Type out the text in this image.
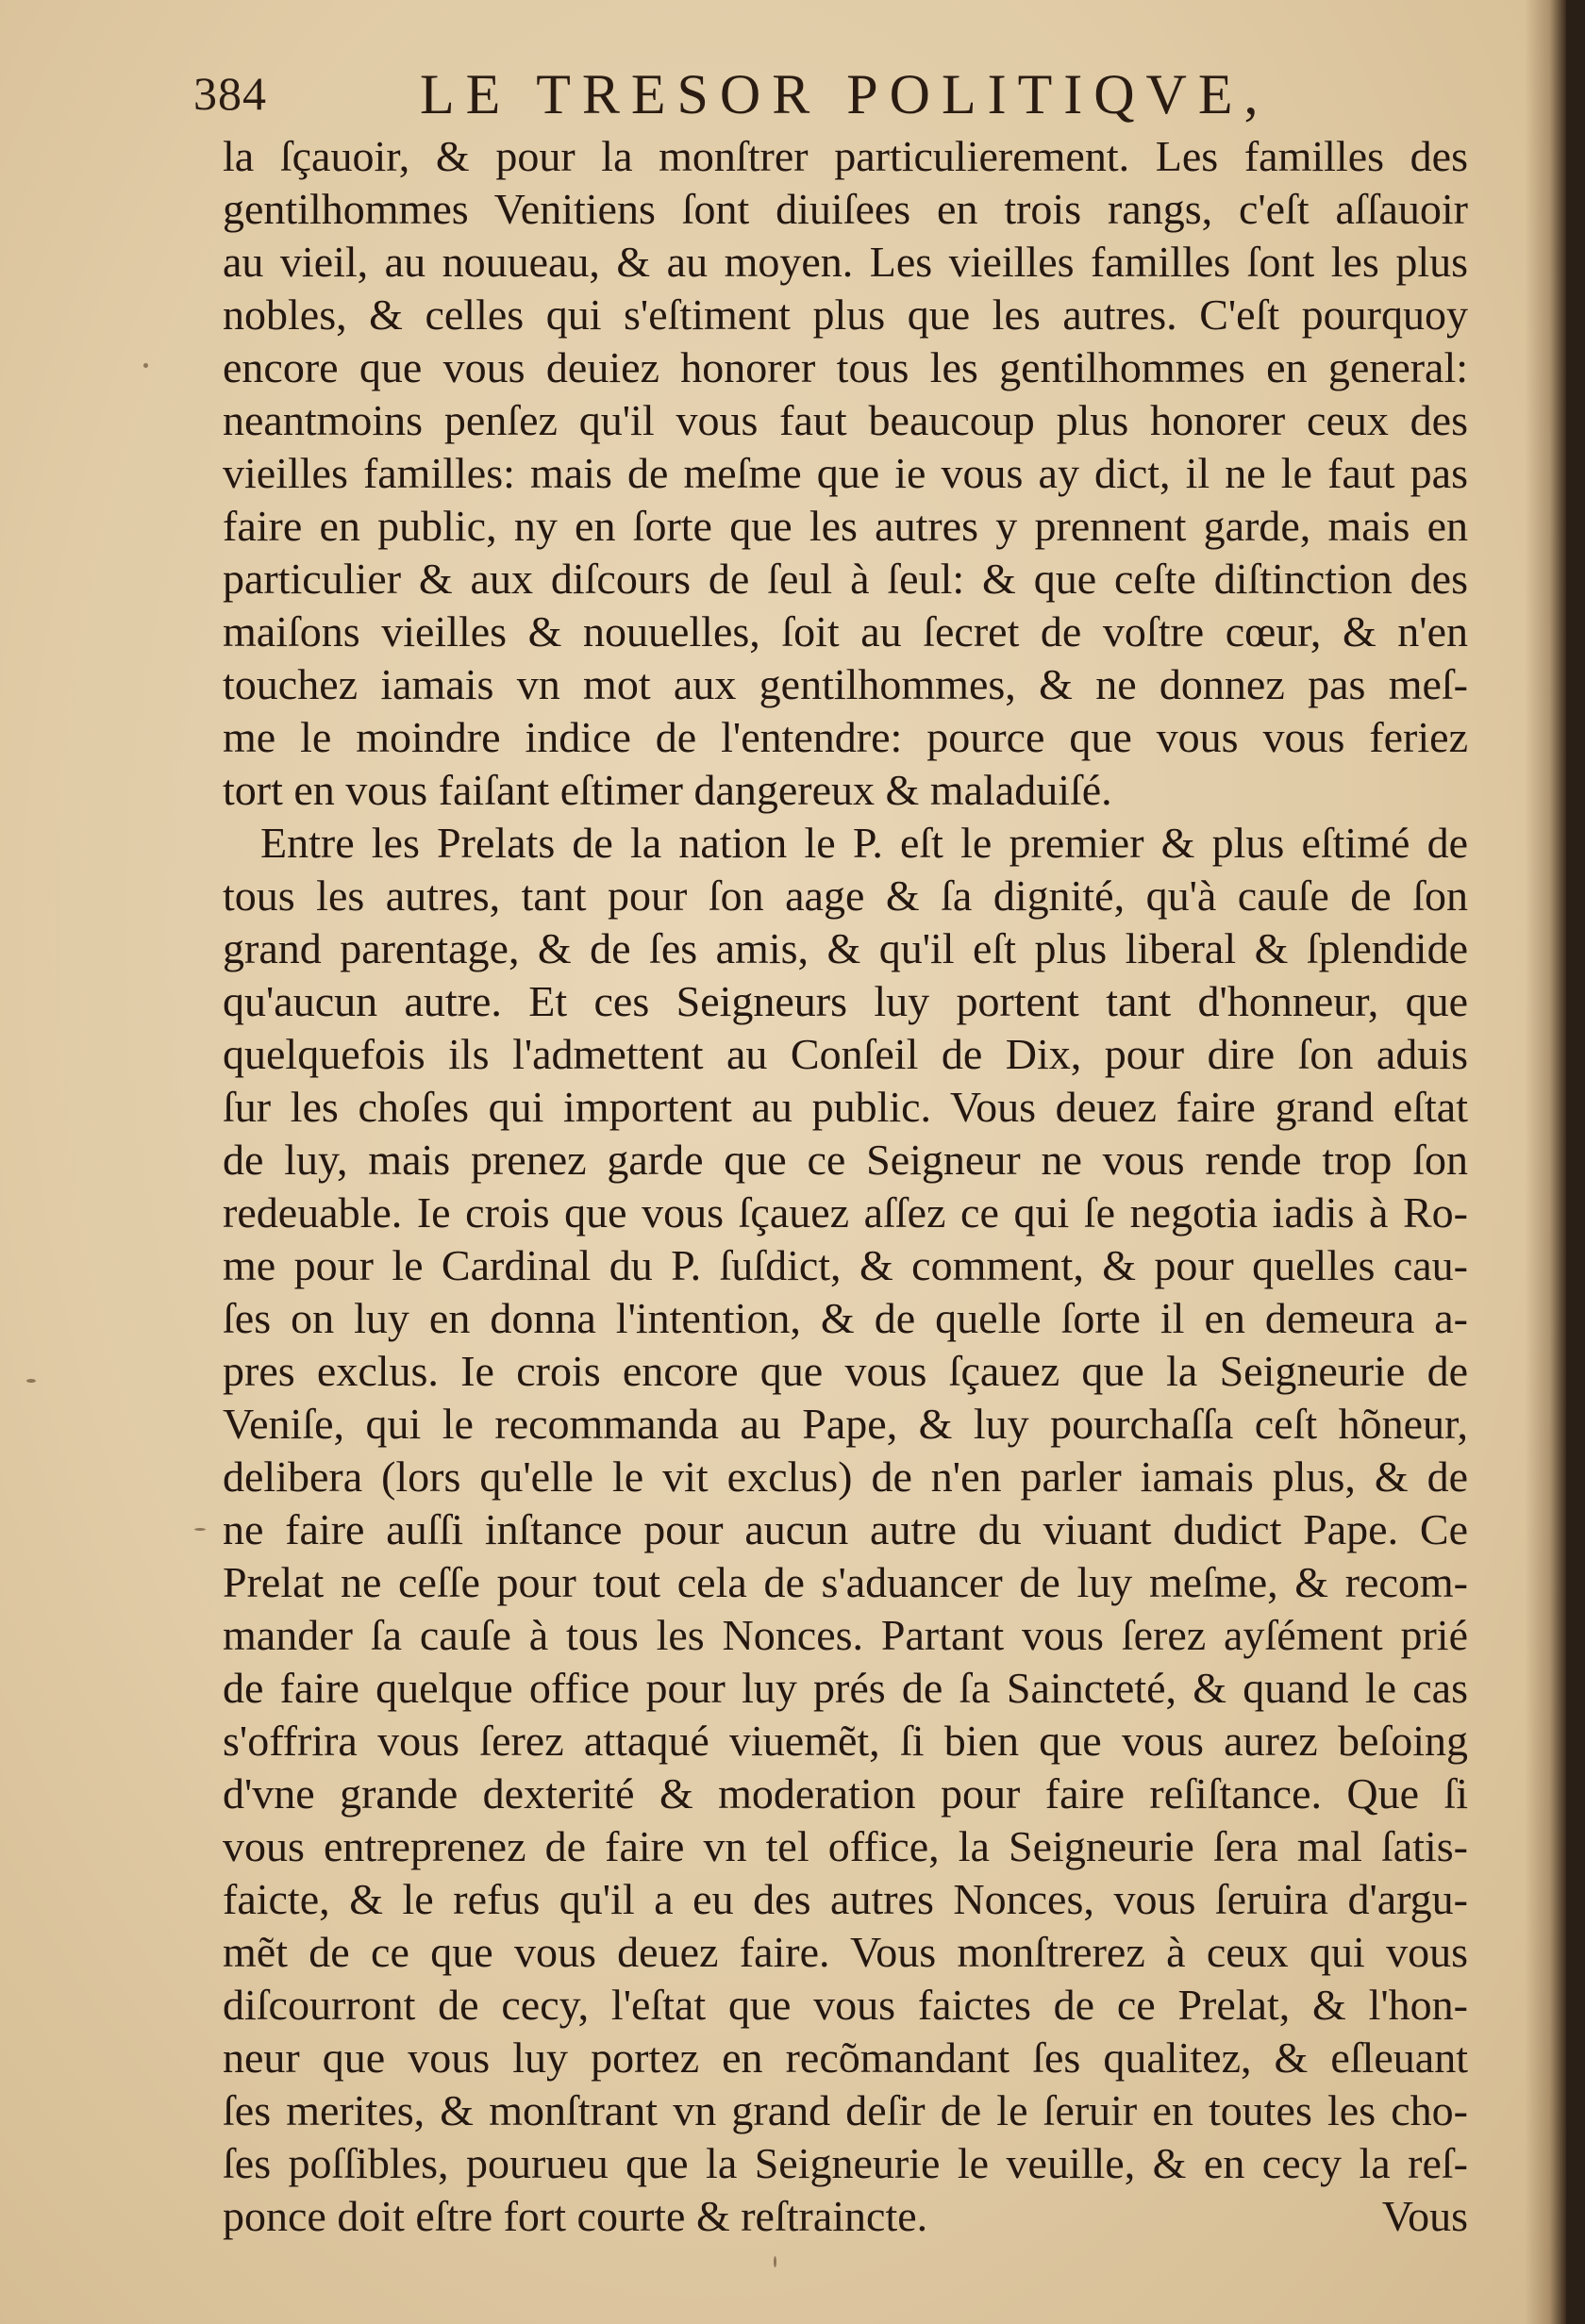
384	LE TRESOR POLITIQVE,
la ſçauoir, & pour la monſtrer particulierement. Les familles des
gentilhommes Venitiens ſont diuiſees en trois rangs, c'eſt aſſauoir
au vieil, au nouueau, & au moyen. Les vieilles familles ſont les plus
nobles, & celles qui s'eſtiment plus que les autres. C'eſt pourquoy
encore que vous deuiez honorer tous les gentilhommes en general:
neantmoins penſez qu'il vous faut beaucoup plus honorer ceux des
vieilles familles: mais de meſme que ie vous ay dict, il ne le faut pas
faire en public, ny en ſorte que les autres y prennent garde, mais en
particulier & aux diſcours de ſeul à ſeul: & que ceſte diſtinction des
maiſons vieilles & nouuelles, ſoit au ſecret de voſtre cœur, & n'en
touchez iamais vn mot aux gentilhommes, & ne donnez pas meſ-
me le moindre indice de l'entendre: pource que vous vous feriez
tort en vous faiſant eſtimer dangereux & maladuiſé.
Entre les Prelats de la nation le P. eſt le premier & plus eſtimé de
tous les autres, tant pour ſon aage & ſa dignité, qu'à cauſe de ſon
grand parentage, & de ſes amis, & qu'il eſt plus liberal & ſplendide
qu'aucun autre. Et ces Seigneurs luy portent tant d'honneur, que
quelquefois ils l'admettent au Conſeil de Dix, pour dire ſon aduis
ſur les choſes qui importent au public. Vous deuez faire grand eſtat
de luy, mais prenez garde que ce Seigneur ne vous rende trop ſon
redeuable. Ie crois que vous ſçauez aſſez ce qui ſe negotia iadis à Ro-
me pour le Cardinal du P. ſuſdict, & comment, & pour quelles cau-
ſes on luy en donna l'intention, & de quelle ſorte il en demeura a-
pres exclus. Ie crois encore que vous ſçauez que la Seigneurie de
Veniſe, qui le recommanda au Pape, & luy pourchaſſa ceſt hõneur,
delibera (lors qu'elle le vit exclus) de n'en parler iamais plus, & de
ne faire auſſi inſtance pour aucun autre du viuant dudict Pape. Ce
Prelat ne ceſſe pour tout cela de s'aduancer de luy meſme, & recom-
mander ſa cauſe à tous les Nonces. Partant vous ſerez ayſément prié
de faire quelque office pour luy prés de ſa Saincteté, & quand le cas
s'offrira vous ſerez attaqué viuemẽt, ſi bien que vous aurez beſoing
d'vne grande dexterité & moderation pour faire reſiſtance. Que ſi
vous entreprenez de faire vn tel office, la Seigneurie ſera mal ſatis-
faicte, & le refus qu'il a eu des autres Nonces, vous ſeruira d'argu-
mẽt de ce que vous deuez faire. Vous monſtrerez à ceux qui vous
diſcourront de cecy, l'eſtat que vous faictes de ce Prelat, & l'hon-
neur que vous luy portez en recõmandant ſes qualitez, & eſleuant
ſes merites, & monſtrant vn grand deſir de le ſeruir en toutes les cho-
ſes poſſibles, pourueu que la Seigneurie le veuille, & en cecy la reſ-
ponce doit eſtre fort courte & reſtraincte.	Vous
